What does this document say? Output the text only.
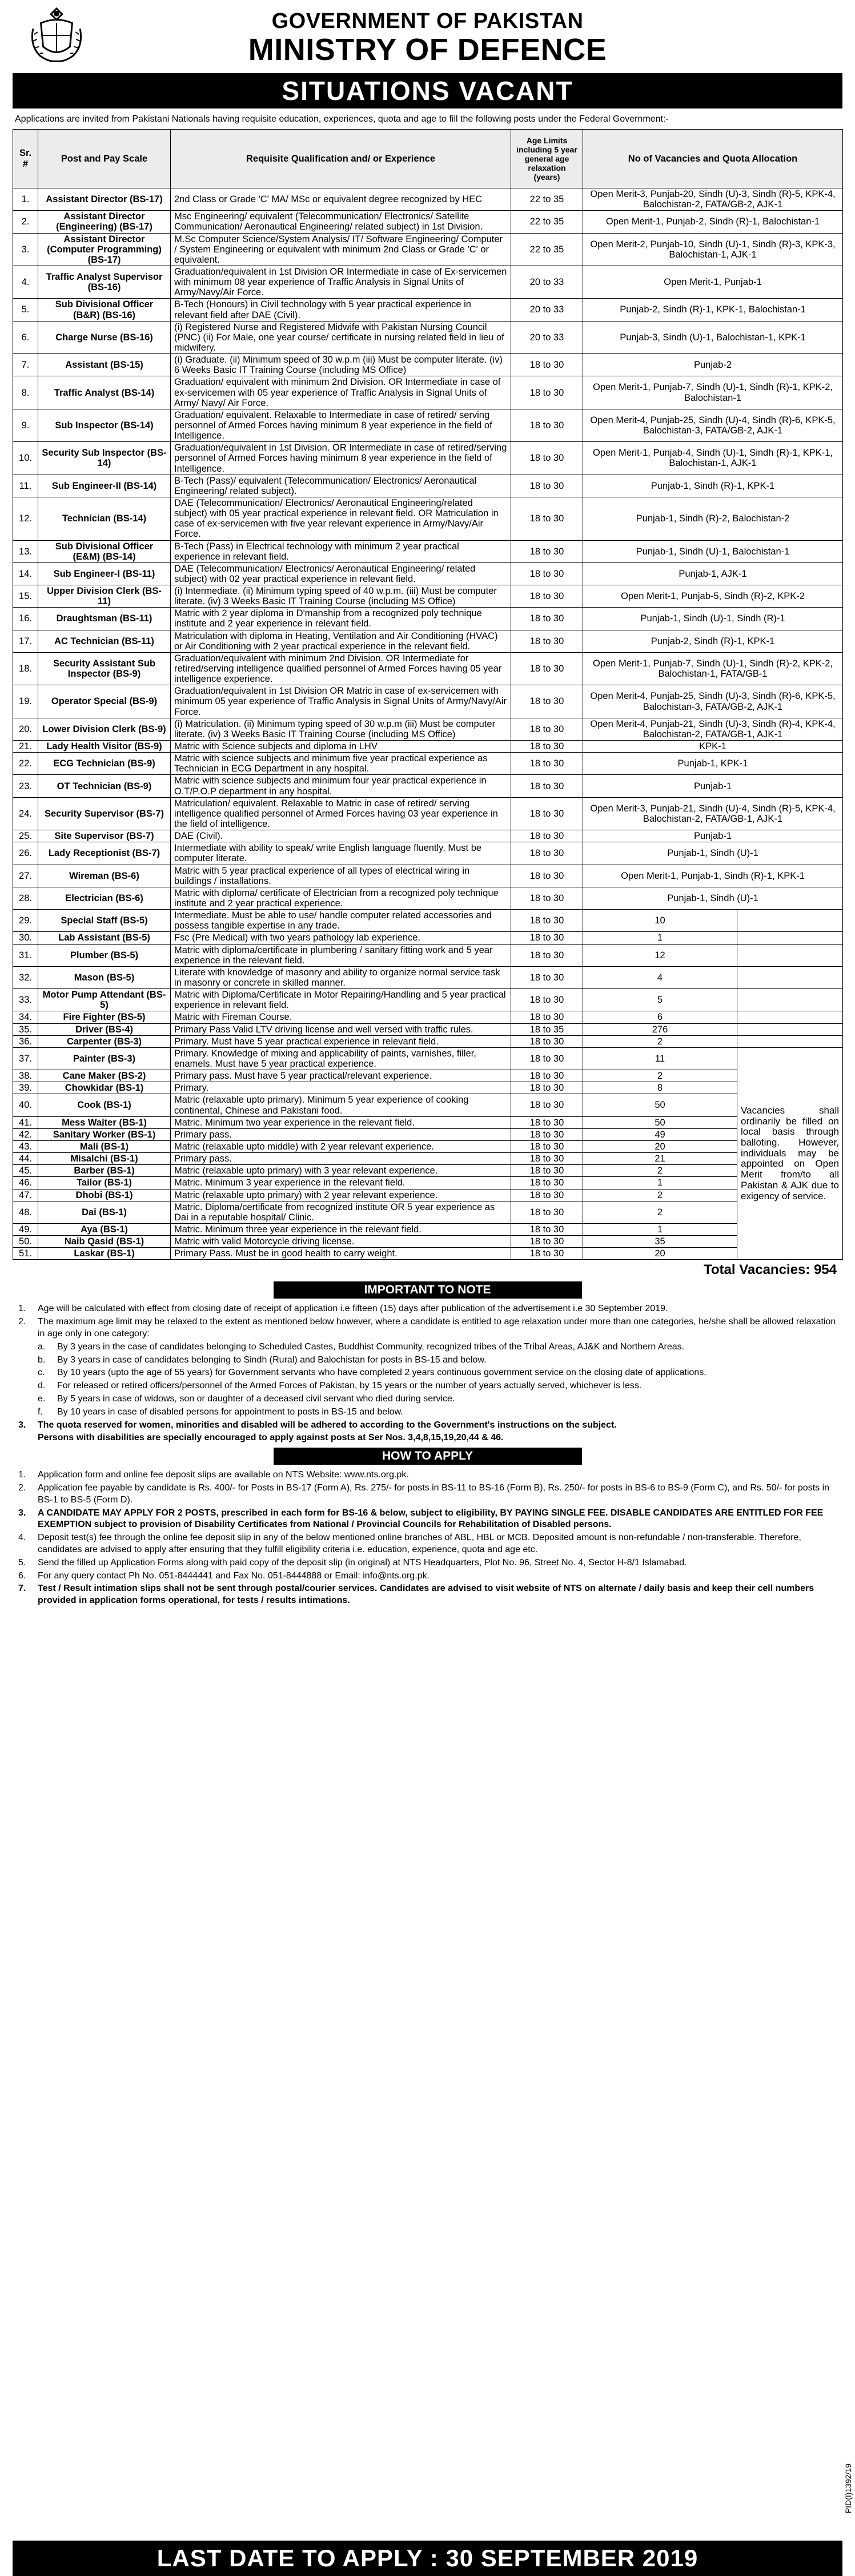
GOVERNMENT OF PAKISTAN
MINISTRY OF DEFENCE
SITUATIONS VACANT
Applications are invited from Pakistani Nationals having requisite education, experiences, quota and age to fill the following posts under the Federal Government:-
Sr. #	Post and Pay Scale	Requisite Qualification and/ or Experience	Age Limits including 5 year general age relaxation (years)	No of Vacancies and Quota Allocation	
1.	Assistant Director (BS-17)	2nd Class or Grade 'C' MA/ MSc or equivalent degree recognized by HEC	22 to 35	Open Merit-3, Punjab-20, Sindh (U)-3, Sindh (R)-5, KPK-4, Balochistan-2, FATA/GB-2, AJK-1	
2.	Assistant Director (Engineering) (BS-17)	Msc Engineering/ equivalent (Telecommunication/ Electronics/ Satellite Communication/ Aeronautical Engineering/ related subject) in 1st Division.	22 to 35	Open Merit-1, Punjab-2, Sindh (R)-1, Balochistan-1	
3.	Assistant Director (Computer Programming) (BS-17)	M.Sc Computer Science/System Analysis/ IT/ Software Engineering/ Computer / System Engineering or equivalent with minimum 2nd Class or Grade 'C' or equivalent.	22 to 35	Open Merit-2, Punjab-10, Sindh (U)-1, Sindh (R)-3, KPK-3, Balochistan-1, AJK-1	
4.	Traffic Analyst Supervisor (BS-16)	Graduation/equivalent in 1st Division OR Intermediate in case of Ex-servicemen with minimum 08 year experience of Traffic Analysis in Signal Units of Army/Navy/Air Force.	20 to 33	Open Merit-1, Punjab-1	
5.	Sub Divisional Officer (B&R) (BS-16)	B-Tech (Honours) in Civil technology with 5 year practical experience in relevant field after DAE (Civil).	20 to 33	Punjab-2, Sindh (R)-1, KPK-1, Balochistan-1	
6.	Charge Nurse (BS-16)	(i) Registered Nurse and Registered Midwife with Pakistan Nursing Council (PNC) (ii) For Male, one year course/ certificate in nursing related field in lieu of midwifery.	20 to 33	Punjab-3, Sindh (U)-1, Balochistan-1, KPK-1	
7.	Assistant (BS-15)	(i) Graduate. (ii) Minimum speed of 30 w.p.m (iii) Must be computer literate. (iv) 6 Weeks Basic IT Training Course (including MS Office)	18 to 30	Punjab-2	
8.	Traffic Analyst (BS-14)	Graduation/ equivalent with minimum 2nd Division. OR Intermediate in case of ex-servicemen with 05 year experience of Traffic Analysis in Signal Units of Army/ Navy/ Air Force.	18 to 30	Open Merit-1, Punjab-7, Sindh (U)-1, Sindh (R)-1, KPK-2, Balochistan-1	
9.	Sub Inspector (BS-14)	Graduation/ equivalent. Relaxable to Intermediate in case of retired/ serving personnel of Armed Forces having minimum 8 year experience in the field of Intelligence.	18 to 30	Open Merit-4, Punjab-25, Sindh (U)-4, Sindh (R)-6, KPK-5, Balochistan-3, FATA/GB-2, AJK-1	
10.	Security Sub Inspector (BS-14)	Graduation/equivalent in 1st Division. OR Intermediate in case of retired/serving personnel of Armed Forces having minimum 8 year experience in the field of Intelligence.	18 to 30	Open Merit-1, Punjab-4, Sindh (U)-1, Sindh (R)-1, KPK-1, Balochistan-1, AJK-1	
11.	Sub Engineer-II (BS-14)	B-Tech (Pass)/ equivalent (Telecommunication/ Electronics/ Aeronautical Engineering/ related subject).	18 to 30	Punjab-1, Sindh (R)-1, KPK-1	
12.	Technician (BS-14)	DAE (Telecommunication/ Electronics/ Aeronautical Engineering/related subject) with 05 year practical experience in relevant field. OR Matriculation in case of ex-servicemen with five year relevant experience in Army/Navy/Air Force.	18 to 30	Punjab-1, Sindh (R)-2, Balochistan-2	
13.	Sub Divisional Officer (E&M) (BS-14)	B-Tech (Pass) in Electrical technology with minimum 2 year practical experience in relevant field.	18 to 30	Punjab-1, Sindh (U)-1, Balochistan-1	
14.	Sub Engineer-I (BS-11)	DAE (Telecommunication/ Electronics/ Aeronautical Engineering/ related subject) with 02 year practical experience in relevant field.	18 to 30	Punjab-1, AJK-1	
15.	Upper Division Clerk (BS-11)	(i) Intermediate. (ii) Minimum typing speed of 40 w.p.m. (iii) Must be computer literate. (iv) 3 Weeks Basic IT Training Course (including MS Office)	18 to 30	Open Merit-1, Punjab-5, Sindh (R)-2, KPK-2	
16.	Draughtsman (BS-11)	Matric with 2 year diploma in D'manship from a recognized poly technique institute and 2 year experience in relevant field.	18 to 30	Punjab-1, Sindh (U)-1, Sindh (R)-1	
17.	AC Technician (BS-11)	Matriculation with diploma in Heating, Ventilation and Air Conditioning (HVAC) or Air Conditioning with 2 year practical experience in the relevant field.	18 to 30	Punjab-2, Sindh (R)-1, KPK-1	
18.	Security Assistant Sub Inspector (BS-9)	Graduation/equivalent with minimum 2nd Division. OR Intermediate for retired/serving intelligence qualified personnel of Armed Forces having 05 year intelligence experience.	18 to 30	Open Merit-1, Punjab-7, Sindh (U)-1, Sindh (R)-2, KPK-2, Balochistan-1, FATA/GB-1	
19.	Operator Special (BS-9)	Graduation/equivalent in 1st Division OR Matric in case of ex-servicemen with minimum 05 year experience of Traffic Analysis in Signal Units of Army/Navy/Air Force.	18 to 30	Open Merit-4, Punjab-25, Sindh (U)-3, Sindh (R)-6, KPK-5, Balochistan-3, FATA/GB-2, AJK-1	
20.	Lower Division Clerk (BS-9)	(i) Matriculation. (ii) Minimum typing speed of 30 w.p.m (iii) Must be computer literate. (iv) 3 Weeks Basic IT Training Course (including MS Office)	18 to 30	Open Merit-4, Punjab-21, Sindh (U)-3, Sindh (R)-4, KPK-4, Balochistan-2, FATA/GB-1, AJK-1	
21.	Lady Health Visitor (BS-9)	Matric with Science subjects and diploma in LHV	18 to 30	KPK-1	
22.	ECG Technician (BS-9)	Matric with science subjects and minimum five year practical experience as Technician in ECG Department in any hospital.	18 to 30	Punjab-1, KPK-1	
23.	OT Technician (BS-9)	Matric with science subjects and minimum four year practical experience in O.T/P.O.P department in any hospital.	18 to 30	Punjab-1	
24.	Security Supervisor (BS-7)	Matriculation/ equivalent. Relaxable to Matric in case of retired/ serving intelligence qualified personnel of Armed Forces having 03 year experience in the field of intelligence.	18 to 30	Open Merit-3, Punjab-21, Sindh (U)-4, Sindh (R)-5, KPK-4, Balochistan-2, FATA/GB-1, AJK-1	
25.	Site Supervisor (BS-7)	DAE (Civil).	18 to 30	Punjab-1	
26.	Lady Receptionist (BS-7)	Intermediate with ability to speak/ write English language fluently. Must be computer literate.	18 to 30	Punjab-1, Sindh (U)-1	
27.	Wireman (BS-6)	Matric with 5 year practical experience of all types of electrical wiring in buildings / installations.	18 to 30	Open Merit-1, Punjab-1, Sindh (R)-1, KPK-1	
28.	Electrician (BS-6)	Matric with diploma/ certificate of Electrician from a recognized poly technique institute and 2 year practical experience.	18 to 30	Punjab-1, Sindh (U)-1	
29.	Special Staff (BS-5)	Intermediate. Must be able to use/ handle computer related accessories and possess tangible expertise in any trade.	18 to 30	10	
30.	Lab Assistant (BS-5)	Fsc (Pre Medical) with two years pathology lab experience.	18 to 30	1	
31.	Plumber (BS-5)	Matric with diploma/certificate in plumbering / sanitary fitting work and 5 year experience in the relevant field.	18 to 30	12	
32.	Mason (BS-5)	Literate with knowledge of masonry and ability to organize normal service task in masonry or concrete in skilled manner.	18 to 30	4	
33.	Motor Pump Attendant (BS-5)	Matric with Diploma/Certificate in Motor Repairing/Handling and 5 year practical experience in relevant field.	18 to 30	5	
34.	Fire Fighter (BS-5)	Matric with Fireman Course.	18 to 30	6	
35.	Driver (BS-4)	Primary Pass Valid LTV driving license and well versed with traffic rules.	18 to 35	276	
36.	Carpenter (BS-3)	Primary. Must have 5 year practical experience in relevant field.	18 to 30	2	
37.	Painter (BS-3)	Primary. Knowledge of mixing and applicability of paints, varnishes, filler, enamels. Must have 5 year practical experience.	18 to 30	11	Vacancies shall ordinarily be filled on local basis through balloting. However, individuals may be appointed on Open Merit from/to all Pakistan & AJK due to exigency of service.
38.	Cane Maker (BS-2)	Primary pass. Must have 5 year practical/relevant experience.	18 to 30	2	
39.	Chowkidar (BS-1)	Primary.	18 to 30	8	
40.	Cook (BS-1)	Matric (relaxable upto primary). Minimum 5 year experience of cooking continental, Chinese and Pakistani food.	18 to 30	50	
41.	Mess Waiter (BS-1)	Matric. Minimum two year experience in the relevant field.	18 to 30	50	
42.	Sanitary Worker (BS-1)	Primary pass.	18 to 30	49	
43.	Mali (BS-1)	Matric (relaxable upto middle) with 2 year relevant experience.	18 to 30	20	
44.	Misalchi (BS-1)	Primary pass.	18 to 30	21	
45.	Barber (BS-1)	Matric (relaxable upto primary) with 3 year relevant experience.	18 to 30	2	
46.	Tailor (BS-1)	Matric. Minimum 3 year experience in the relevant field.	18 to 30	1	
47.	Dhobi (BS-1)	Matric (relaxable upto primary) with 2 year relevant experience.	18 to 30	2	
48.	Dai (BS-1)	Matric. Diploma/certificate from recognized institute OR 5 year experience as Dai in a reputable hospital/ Clinic.	18 to 30	2	
49.	Aya (BS-1)	Matric. Minimum three year experience in the relevant field.	18 to 30	1	
50.	Naib Qasid (BS-1)	Matric with valid Motorcycle driving license.	18 to 30	35	
51.	Laskar (BS-1)	Primary Pass. Must be in good health to carry weight.	18 to 30	20	
Total Vacancies: 954
IMPORTANT TO NOTE
1.	Age will be calculated with effect from closing date of receipt of application i.e fifteen (15) days after publication of the advertisement i.e 30 September 2019.
2.	The maximum age limit may be relaxed to the extent as mentioned below however, where a candidate is entitled to age relaxation under more than one categories, he/she shall be allowed relaxation in age only in one category:
a.	By 3 years in the case of candidates belonging to Scheduled Castes, Buddhist Community, recognized tribes of the Tribal Areas, AJ&K and Northern Areas.
b.	By 3 years in case of candidates belonging to Sindh (Rural) and Balochistan for posts in BS-15 and below.
c.	By 10 years (upto the age of 55 years) for Government servants who have completed 2 years continuous government service on the closing date of applications.
d.	For released or retired officers/personnel of the Armed Forces of Pakistan, by 15 years or the number of years actually served, whichever is less.
e.	By 5 years in case of widows, son or daughter of a deceased civil servant who died during service.
f.	By 10 years in case of disabled persons for appointment to posts in BS-15 and below.
3.	The quota reserved for women, minorities and disabled will be adhered to according to the Government's instructions on the subject.
Persons with disabilities are specially encouraged to apply against posts at Ser Nos. 3,4,8,15,19,20,44 & 46.
HOW TO APPLY
1.	Application form and online fee deposit slips are available on NTS Website: www.nts.org.pk.
2.	Application fee payable by candidate is Rs. 400/- for Posts in BS-17 (Form A), Rs. 275/- for posts in BS-11 to BS-16 (Form B), Rs. 250/- for posts in BS-6 to BS-9 (Form C), and Rs. 50/- for posts in BS-1 to BS-5 (Form D).
3.	A CANDIDATE MAY APPLY FOR 2 POSTS, prescribed in each form for BS-16 & below, subject to eligibility, BY PAYING SINGLE FEE. DISABLE CANDIDATES ARE ENTITLED FOR FEE EXEMPTION subject to provision of Disability Certificates from National / Provincial Councils for Rehabilitation of Disabled persons.
4.	Deposit test(s) fee through the online fee deposit slip in any of the below mentioned online branches of ABL, HBL or MCB. Deposited amount is non-refundable / non-transferable. Therefore, candidates are advised to apply after ensuring that they fulfill eligibility criteria i.e. education, experience, quota and age etc.
5.	Send the filled up Application Forms along with paid copy of the deposit slip (in original) at NTS Headquarters, Plot No. 96, Street No. 4, Sector H-8/1 Islamabad.
6.	For any query contact Ph No. 051-8444441 and Fax No. 051-8444888 or Email: info@nts.org.pk.
7.	Test / Result intimation slips shall not be sent through postal/courier services. Candidates are advised to visit website of NTS on alternate / daily basis and keep their cell numbers provided in application forms operational, for tests / results intimations.
PID(I)1392/19
LAST DATE TO APPLY : 30 SEPTEMBER 2019
